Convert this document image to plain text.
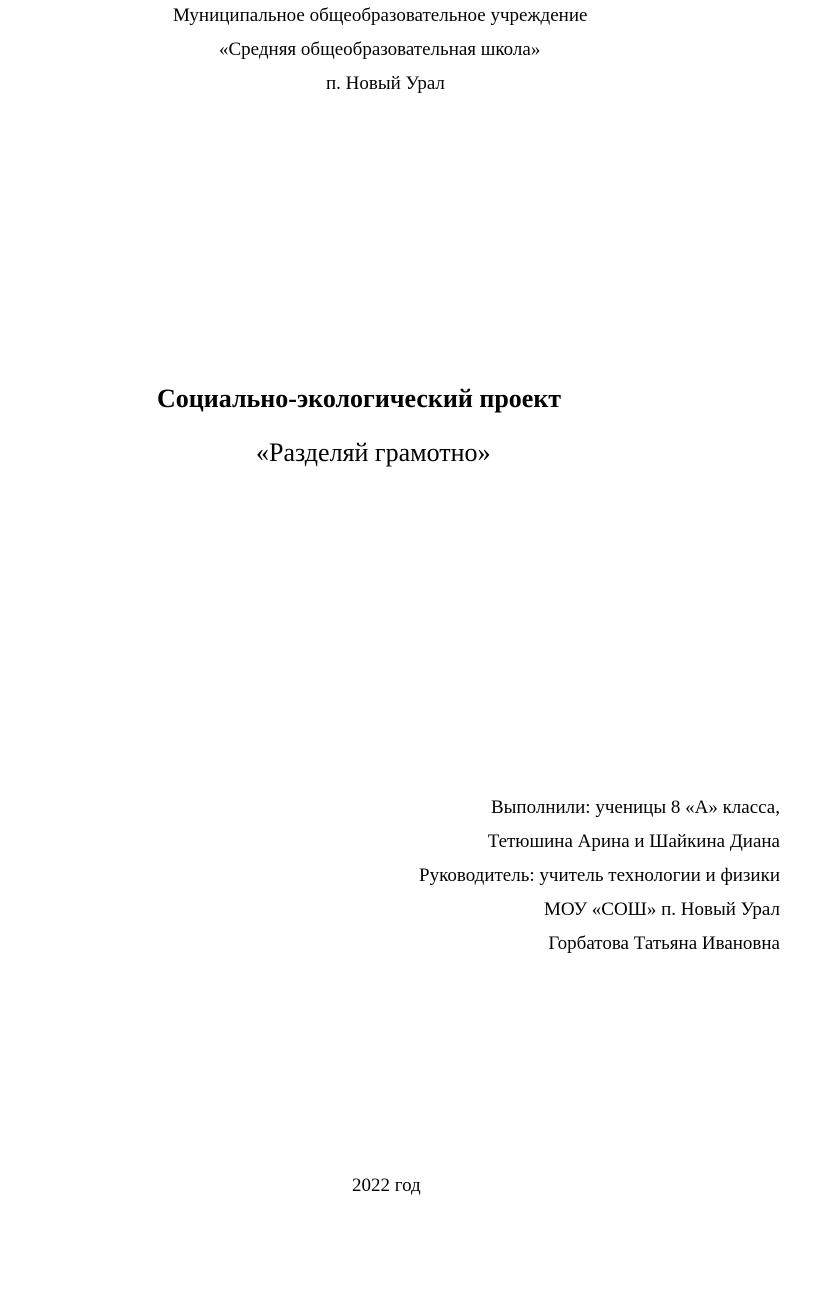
Муниципальное общеобразовательное учреждение
«Средняя общеобразовательная школа»
п. Новый Урал
Социально-экологический проект
«Разделяй грамотно»
Выполнили: ученицы 8 «А» класса,
Тетюшина Арина и Шайкина Диана
Руководитель: учитель технологии и физики
МОУ «СОШ» п. Новый Урал
Горбатова Татьяна Ивановна
2022 год
